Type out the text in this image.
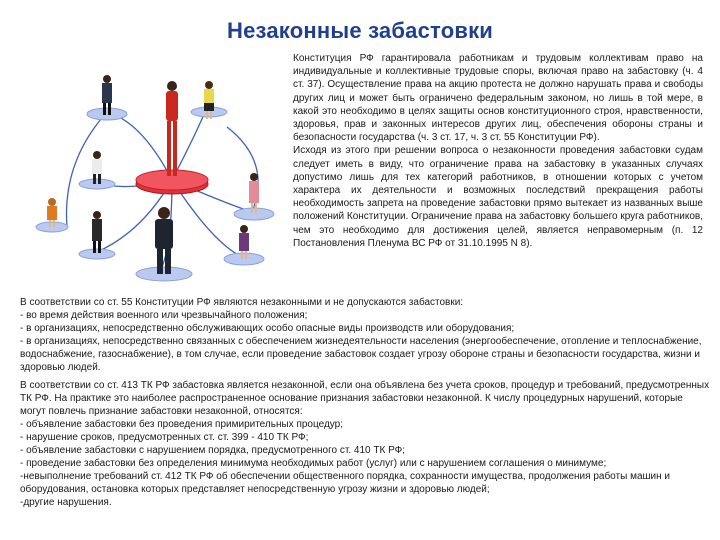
Незаконные забастовки

Конституция РФ гарантировала работникам и трудовым коллективам право на индивидуальные и коллективные трудовые споры, включая право на забастовку (ч. 4 ст. 37). Осуществление права на акцию протеста не должно нарушать права и свободы других лиц и может быть ограничено федеральным законом, но лишь в той мере, в какой это необходимо в целях защиты основ конституционного строя, нравственности, здоровья, прав и законных интересов других лиц, обеспечения обороны страны и безопасности государства (ч. 3 ст. 17, ч. 3 ст. 55 Конституции РФ).

Исходя из этого при решении вопроса о незаконности проведения забастовки судам следует иметь в виду, что ограничение права на забастовку в указанных случаях допустимо лишь для тех категорий работников, в отношении которых с учетом характера их деятельности и возможных последствий прекращения работы необходимость запрета на проведение забастовки прямо вытекает из названных выше положений Конституции. Ограничение права на забастовку большего круга работников, чем это необходимо для достижения целей, является неправомерным (п. 12 Постановления Пленума ВС РФ от 31.10.1995 N 8).

В соответствии со ст. 55 Конституции РФ являются незаконными и не допускаются забастовки:

- во время действия военного или чрезвычайного положения;

- в организациях, непосредственно обслуживающих особо опасные виды производств или оборудования;

- в организациях, непосредственно связанных с обеспечением жизнедеятельности населения (энергообеспечение, отопление и теплоснабжение, водоснабжение, газоснабжение), в том случае, если проведение забастовок создает угрозу обороне страны и безопасности государства, жизни и здоровью людей.

В соответствии со ст. 413 ТК РФ забастовка является незаконной, если она объявлена без учета сроков, процедур и требований, предусмотренных ТК РФ. На практике это наиболее распространенное основание признания забастовки незаконной. К числу процедурных нарушений, которые могут повлечь признание забастовки незаконной, относятся:

- объявление забастовки без проведения примирительных процедур;

- нарушение сроков, предусмотренных ст. ст. 399 - 410 ТК РФ;

- объявление забастовки с нарушением порядка, предусмотренного ст. 410 ТК РФ;

- проведение забастовки без определения минимума необходимых работ (услуг) или с нарушением соглашения о минимуме;

-невыполнение требований ст. 412 ТК РФ об обеспечении общественного порядка, сохранности имущества, продолжения работы машин и оборудования, остановка которых представляет непосредственную угрозу жизни и здоровью людей;

-другие нарушения.
